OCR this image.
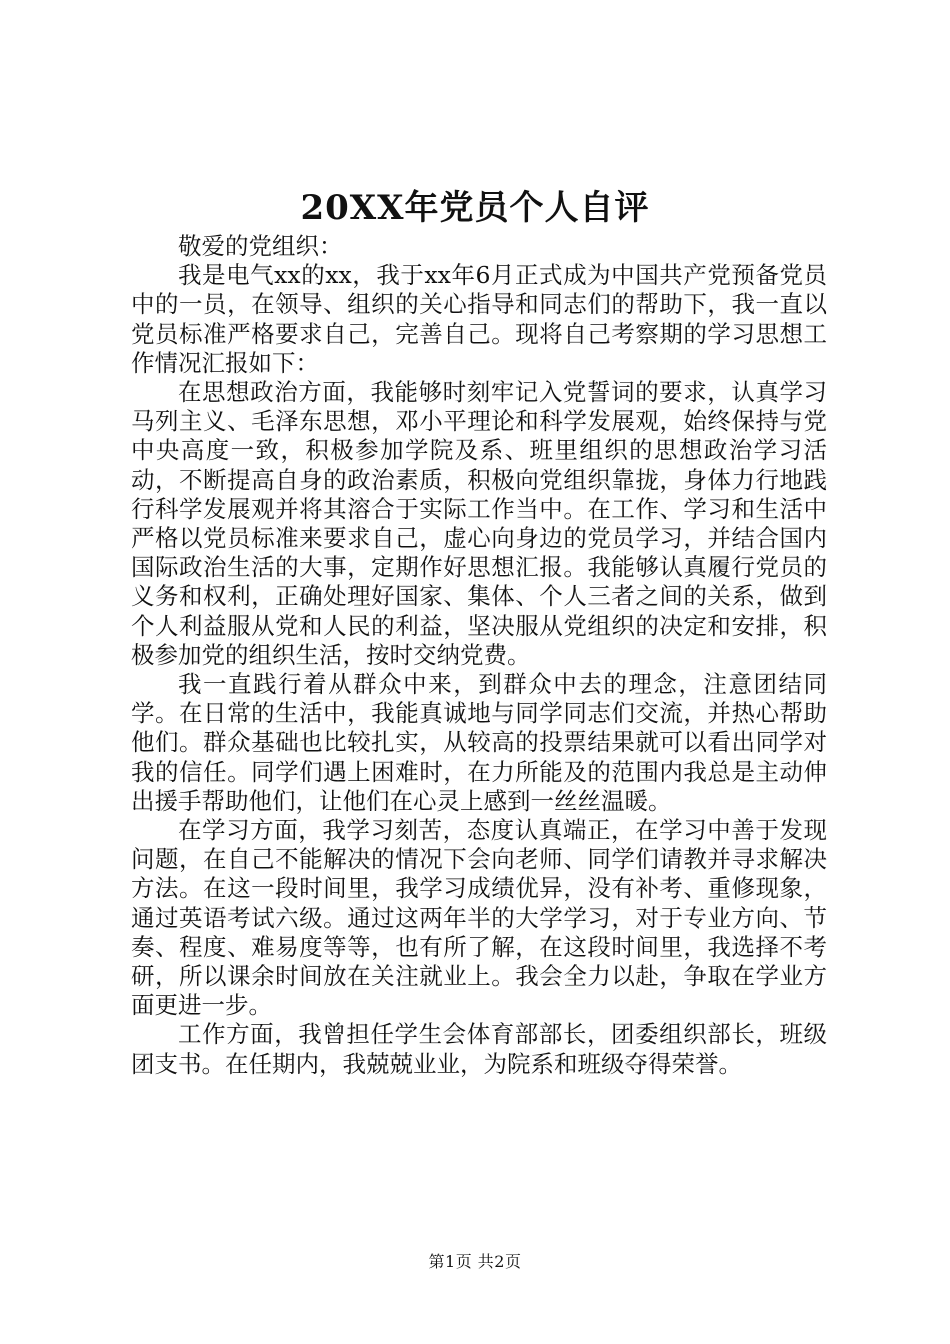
20XX年党员个人自评

敬爱的党组织：

我是电气xx的xx，我于xx年6月正式成为中国共产党预备党员中的一员，在领导、组织的关心指导和同志们的帮助下，我一直以党员标准严格要求自己，完善自己。现将自己考察期的学习思想工作情况汇报如下：

在思想政治方面，我能够时刻牢记入党誓词的要求，认真学习马列主义、毛泽东思想，邓小平理论和科学发展观，始终保持与党中央高度一致，积极参加学院及系、班里组织的思想政治学习活动，不断提高自身的政治素质，积极向党组织靠拢，身体力行地践行科学发展观并将其溶合于实际工作当中。在工作、学习和生活中严格以党员标准来要求自己，虚心向身边的党员学习，并结合国内国际政治生活的大事，定期作好思想汇报。我能够认真履行党员的义务和权利，正确处理好国家、集体、个人三者之间的关系，做到个人利益服从党和人民的利益，坚决服从党组织的决定和安排，积极参加党的组织生活，按时交纳党费。

我一直践行着从群众中来，到群众中去的理念，注意团结同学。在日常的生活中，我能真诚地与同学同志们交流，并热心帮助他们。群众基础也比较扎实，从较高的投票结果就可以看出同学对我的信任。同学们遇上困难时，在力所能及的范围内我总是主动伸出援手帮助他们，让他们在心灵上感到一丝丝温暖。

在学习方面，我学习刻苦，态度认真端正，在学习中善于发现问题，在自己不能解决的情况下会向老师、同学们请教并寻求解决方法。在这一段时间里，我学习成绩优异，没有补考、重修现象，通过英语考试六级。通过这两年半的大学学习，对于专业方向、节奏、程度、难易度等等，也有所了解，在这段时间里，我选择不考研，所以课余时间放在关注就业上。我会全力以赴，争取在学业方面更进一步。

工作方面，我曾担任学生会体育部部长，团委组织部长，班级团支书。在任期内，我兢兢业业，为院系和班级夺得荣誉。

第1页 共2页
